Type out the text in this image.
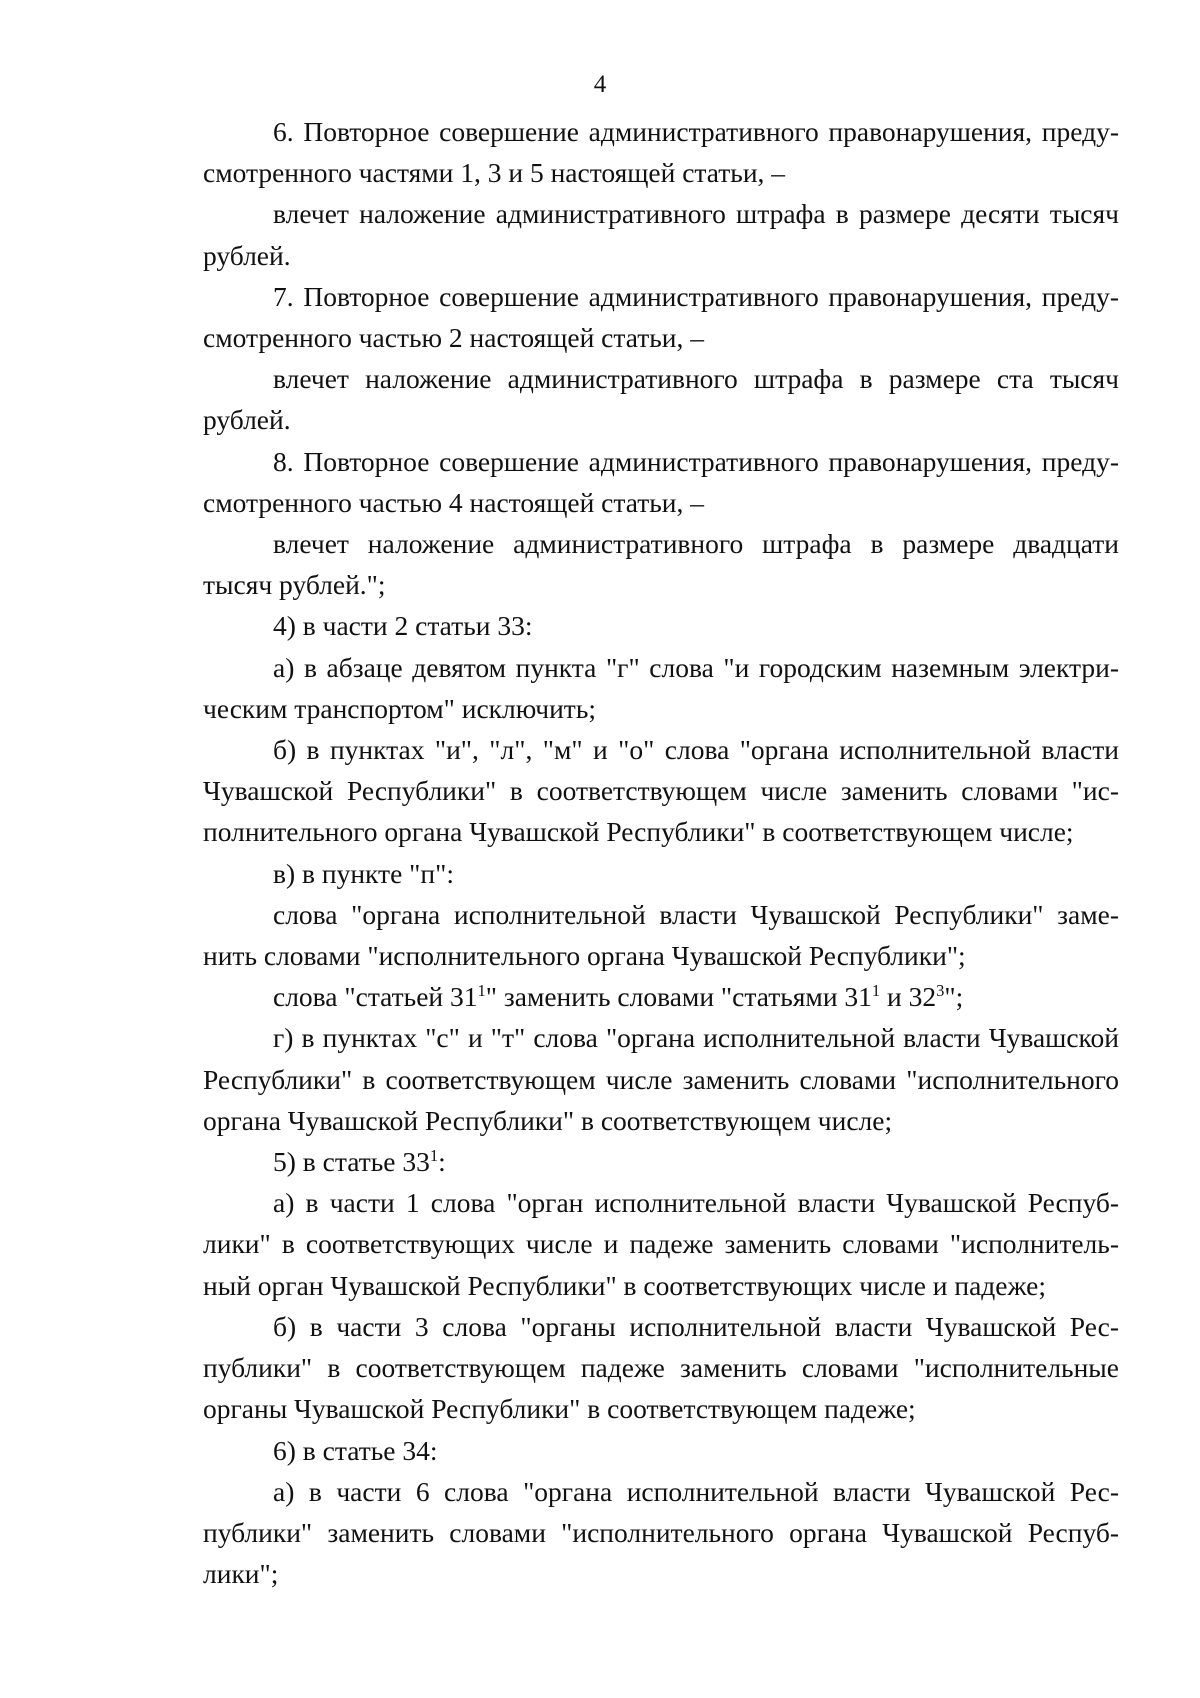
4

6. Повторное совершение административного правонарушения, предусмотренного частями 1, 3 и 5 настоящей статьи, –

влечет наложение административного штрафа в размере десяти тысяч рублей.

7. Повторное совершение административного правонарушения, предусмотренного частью 2 настоящей статьи, –

влечет наложение административного штрафа в размере ста тысяч рублей.

8. Повторное совершение административного правонарушения, предусмотренного частью 4 настоящей статьи, –

влечет наложение административного штрафа в размере двадцати тысяч рублей.";

4) в части 2 статьи 33:

а) в абзаце девятом пункта "г" слова "и городским наземным электрическим транспортом" исключить;

б) в пунктах "и", "л", "м" и "о" слова "органа исполнительной власти Чувашской Республики" в соответствующем числе заменить словами "исполнительного органа Чувашской Республики" в соответствующем числе;

в) в пункте "п":

слова "органа исполнительной власти Чувашской Республики" заменить словами "исполнительного органа Чувашской Республики";

слова "статьей $31^1$" заменить словами "статьями $31^1$ и $32^3$";

г) в пунктах "с" и "т" слова "органа исполнительной власти Чувашской Республики" в соответствующем числе заменить словами "исполнительного органа Чувашской Республики" в соответствующем числе;

5) в статье $33^1$:

а) в части 1 слова "орган исполнительной власти Чувашской Республики" в соответствующих числе и падеже заменить словами "исполнительный орган Чувашской Республики" в соответствующих числе и падеже;

б) в части 3 слова "органы исполнительной власти Чувашской Республики" в соответствующем падеже заменить словами "исполнительные органы Чувашской Республики" в соответствующем падеже;

6) в статье 34:

а) в части 6 слова "органа исполнительной власти Чувашской Республики" заменить словами "исполнительного органа Чувашской Республики";
